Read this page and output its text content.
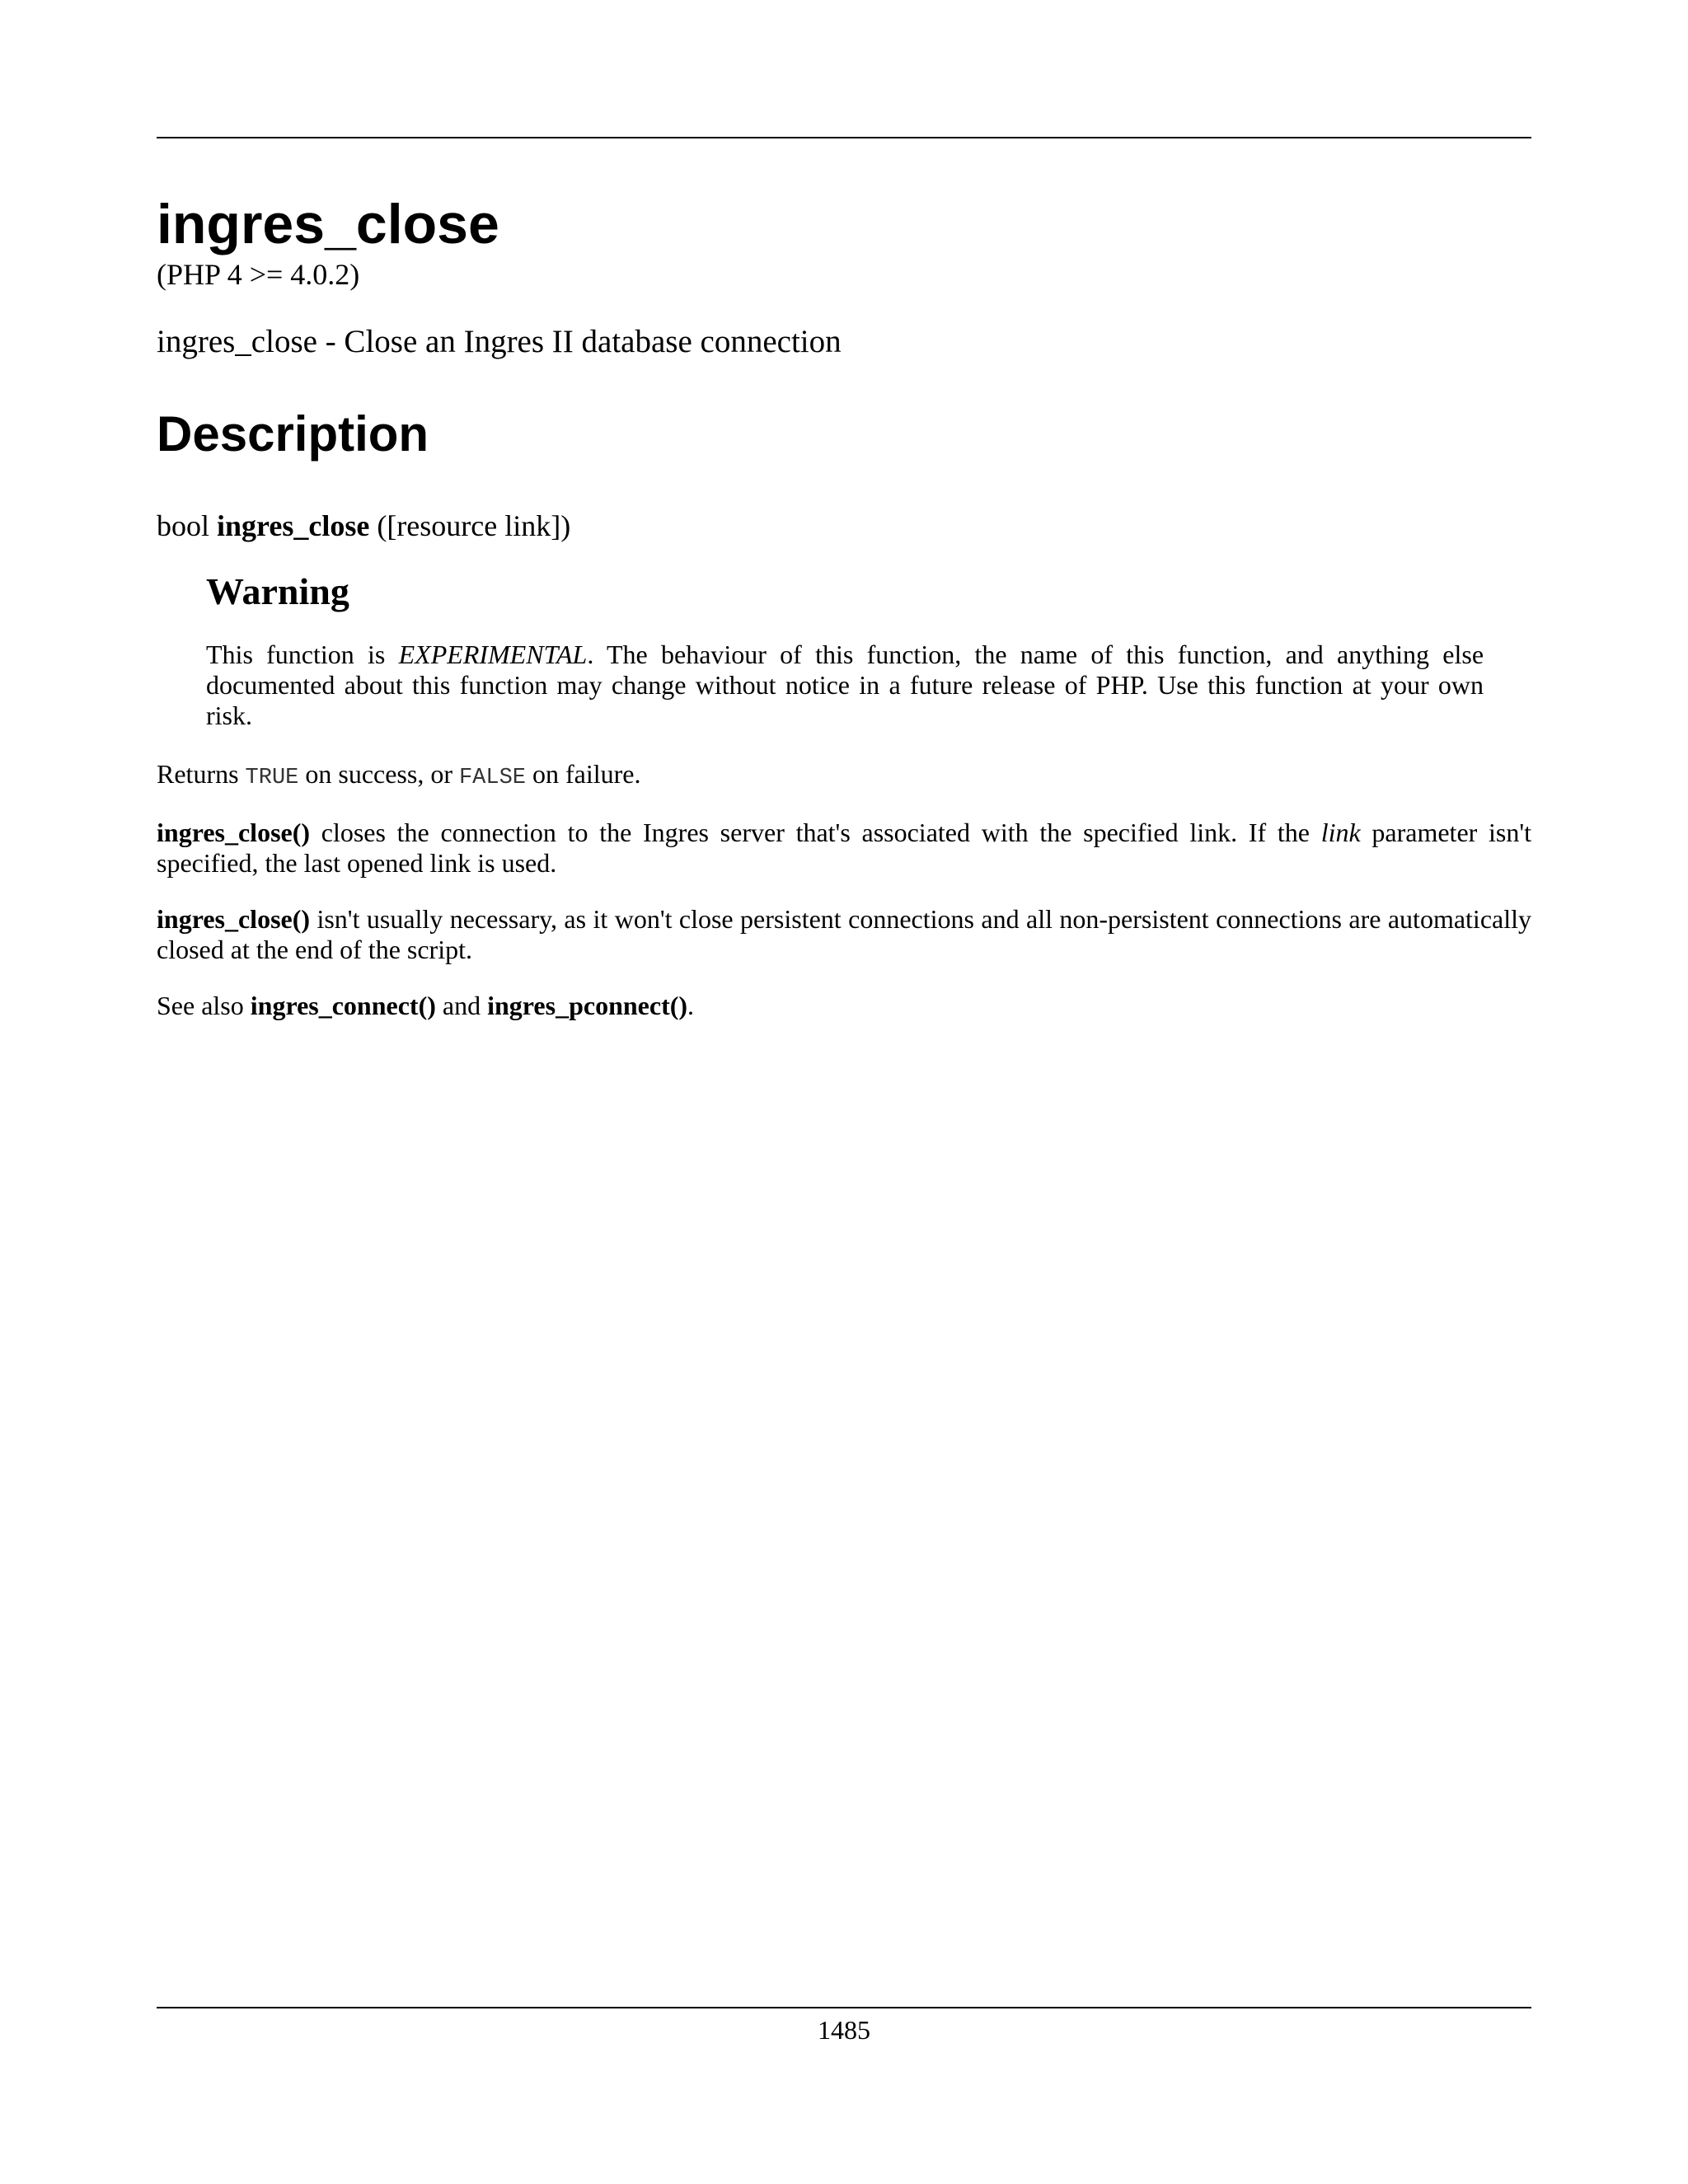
ingres_close

(PHP 4 >= 4.0.2)

ingres_close - Close an Ingres II database connection

Description

bool ingres_close ([resource link])

Warning

This function is EXPERIMENTAL. The behaviour of this function, the name of this function, and anything else documented about this function may change without notice in a future release of PHP. Use this function at your own risk.

Returns TRUE on success, or FALSE on failure.

ingres_close() closes the connection to the Ingres server that's associated with the specified link. If the link parameter isn't specified, the last opened link is used.

ingres_close() isn't usually necessary, as it won't close persistent connections and all non-persistent connections are automatically closed at the end of the script.

See also ingres_connect() and ingres_pconnect().

1485
